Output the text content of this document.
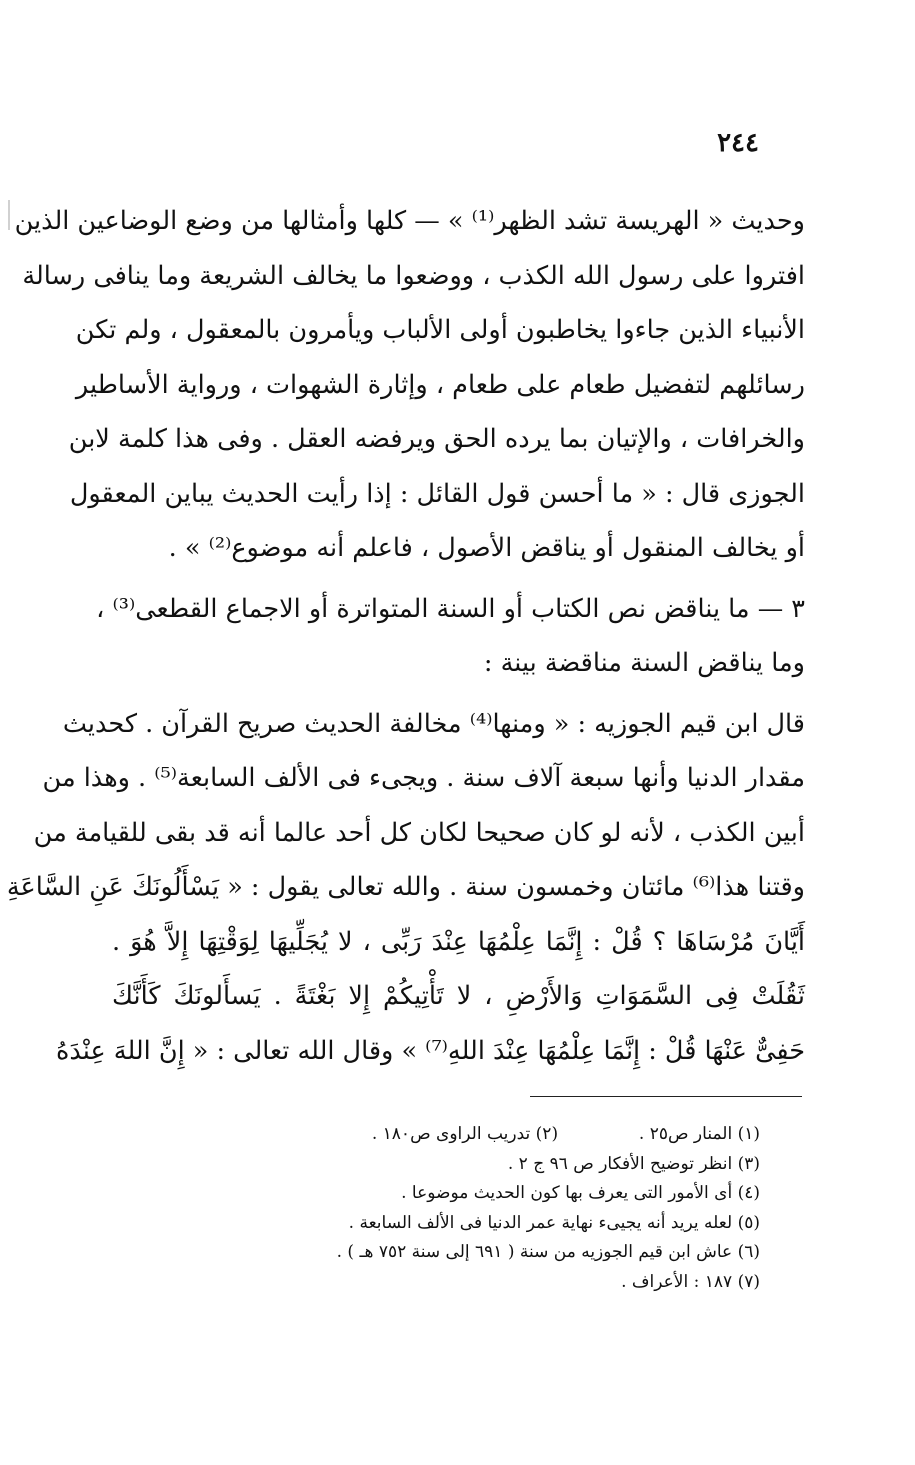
٢٤٤
وحديث « الهريسة تشد الظهر⁽¹⁾ » — كلها وأمثالها من وضع الوضاعين الذين
افتروا على رسول الله الكذب ، ووضعوا ما يخالف الشريعة وما ينافى رسالة
الأنبياء الذين جاءوا يخاطبون أولى الألباب ويأمرون بالمعقول ، ولم تكن
رسائلهم لتفضيل طعام على طعام ، وإثارة الشهوات ، ورواية الأساطير
والخرافات ، والإتيان بما يرده الحق ويرفضه العقل . وفى هذا كلمة لابن
الجوزى قال : « ما أحسن قول القائل : إذا رأيت الحديث يباين المعقول
أو يخالف المنقول أو يناقض الأصول ، فاعلم أنه موضوع⁽²⁾ » .
٣ — ما يناقض نص الكتاب أو السنة المتواترة أو الاجماع القطعى⁽³⁾ ،
وما يناقض السنة مناقضة بينة :
قال ابن قيم الجوزيه : « ومنها⁽⁴⁾ مخالفة الحديث صريح القرآن . كحديث
مقدار الدنيا وأنها سبعة آلاف سنة . ويجىء فى الألف السابعة⁽⁵⁾ . وهذا من
أبين الكذب ، لأنه لو كان صحيحا لكان كل أحد عالما أنه قد بقى للقيامة من
وقتنا هذا⁽⁶⁾ مائتان وخمسون سنة . والله تعالى يقول : « يَسْأَلُونَكَ عَنِ السَّاعَةِ
أَيَّانَ مُرْسَاهَا ؟ قُلْ : إِنَّمَا عِلْمُهَا عِنْدَ رَبِّى ، لا يُجَلِّيهَا لِوَقْتِهَا إِلاَّ هُوَ .
ثَقُلَتْ فِى السَّمَوَاتِ وَالأَرْضِ ، لا تَأْتِيكُمْ إِلا بَغْتَةً . يَسأَلونَكَ كَأَنَّكَ
حَفِىٌّ عَنْهَا قُلْ : إِنَّمَا عِلْمُهَا عِنْدَ اللهِ⁽⁷⁾ » وقال الله تعالى : « إِنَّ اللهَ عِنْدَهُ
(١) المنار ص٢٥ .  (٢) تدريب الراوى ص١٨٠ .
(٣) انظر توضيح الأفكار ص ٩٦ ج ٢ .
(٤) أى الأمور التى يعرف بها كون الحديث موضوعا .
(٥) لعله يريد أنه يجيىء نهاية عمر الدنيا فى الألف السابعة .
(٦) عاش ابن قيم الجوزيه من سنة ( ٦٩١ إلى سنة ٧٥٢ هـ ) .
(٧) ١٨٧ : الأعراف .
